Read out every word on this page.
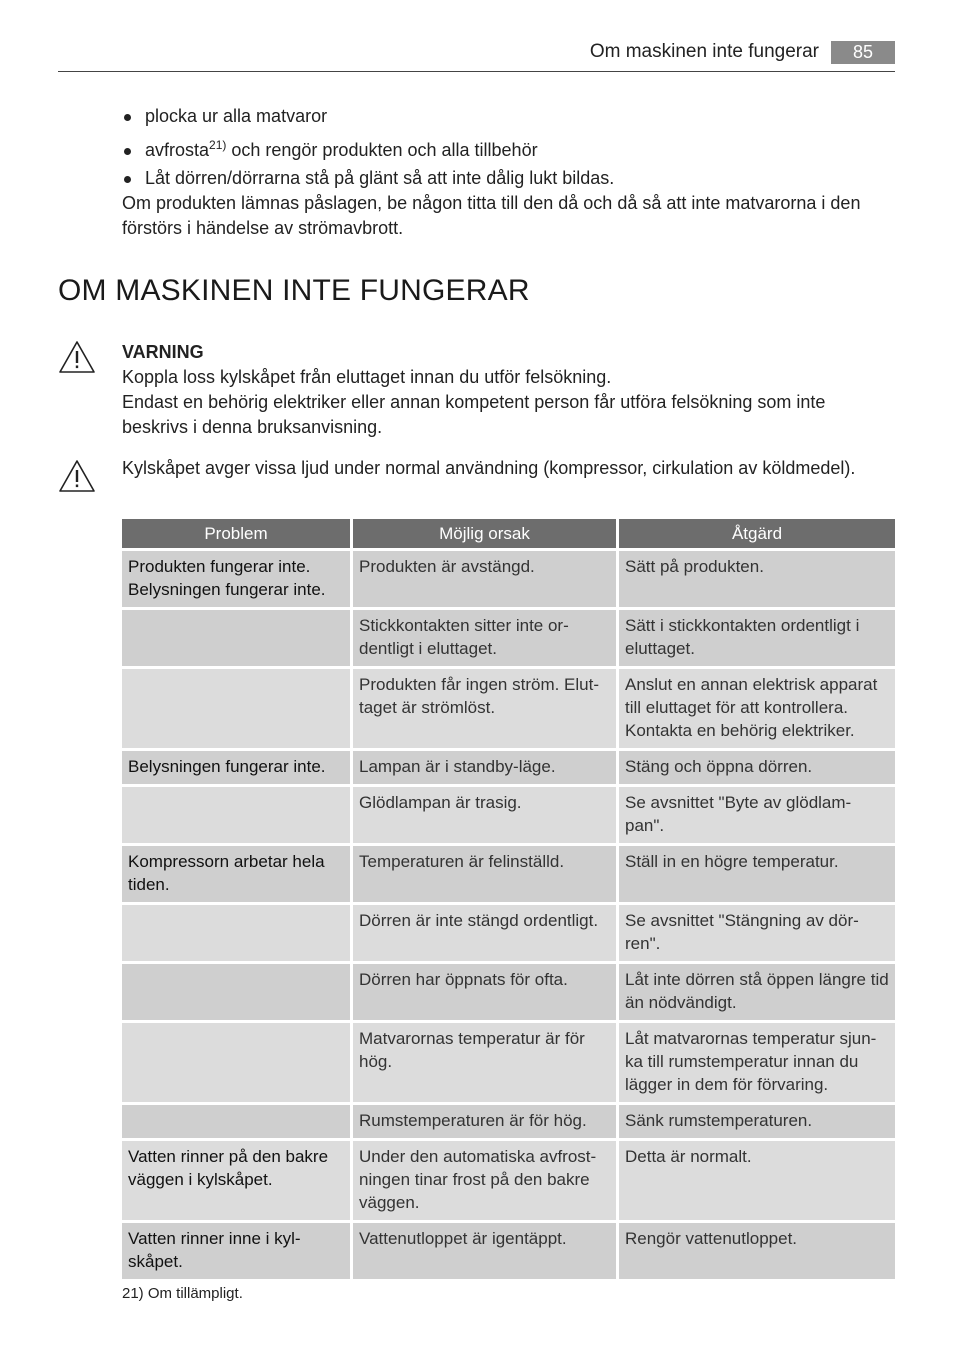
Om maskinen inte fungerar	85
plocka ur alla matvaror
avfrosta$^{21)}$ och rengör produkten och alla tillbehör
Låt dörren/dörrarna stå på glänt så att inte dålig lukt bildas.

Om produkten lämnas påslagen, be någon titta till den då och då så att inte matvarorna i den förstörs i händelse av strömavbrott.

OM MASKINEN INTE FUNGERAR
VARNING
Koppla loss kylskåpet från eluttaget innan du utför felsökning.
Endast en behörig elektriker eller annan kompetent person får utföra felsökning som inte beskrivs i denna bruksanvisning.
Kylskåpet avger vissa ljud under normal användning (kompressor, cirkulation av köldmedel).
Problem	Möjlig orsak	Åtgärd
Produkten fungerar inte. Belysningen fungerar inte.	Produkten är avstängd.	Sätt på produkten.
	Stickkontakten sitter inte or-dentligt i eluttaget.	Sätt i stickkontakten ordentligt i eluttaget.
	Produkten får ingen ström. Elut-taget är strömlöst.	Anslut en annan elektrisk apparat till eluttaget för att kontrollera. Kontakta en behörig elektriker.
Belysningen fungerar inte.	Lampan är i standby-läge.	Stäng och öppna dörren.
	Glödlampan är trasig.	Se avsnittet "Byte av glödlam-pan".
Kompressorn arbetar hela tiden.	Temperaturen är felinställd.	Ställ in en högre temperatur.
	Dörren är inte stängd ordentligt.	Se avsnittet "Stängning av dör-ren".
	Dörren har öppnats för ofta.	Låt inte dörren stå öppen längre tid än nödvändigt.
	Matvarornas temperatur är för hög.	Låt matvarornas temperatur sjun-ka till rumstemperatur innan du lägger in dem för förvaring.
	Rumstemperaturen är för hög.	Sänk rumstemperaturen.
Vatten rinner på den bakre väggen i kylskåpet.	Under den automatiska avfrost-ningen tinar frost på den bakre väggen.	Detta är normalt.
Vatten rinner inne i kyl-skåpet.	Vattenutloppet är igentäppt.	Rengör vattenutloppet.
21) Om tillämpligt.
